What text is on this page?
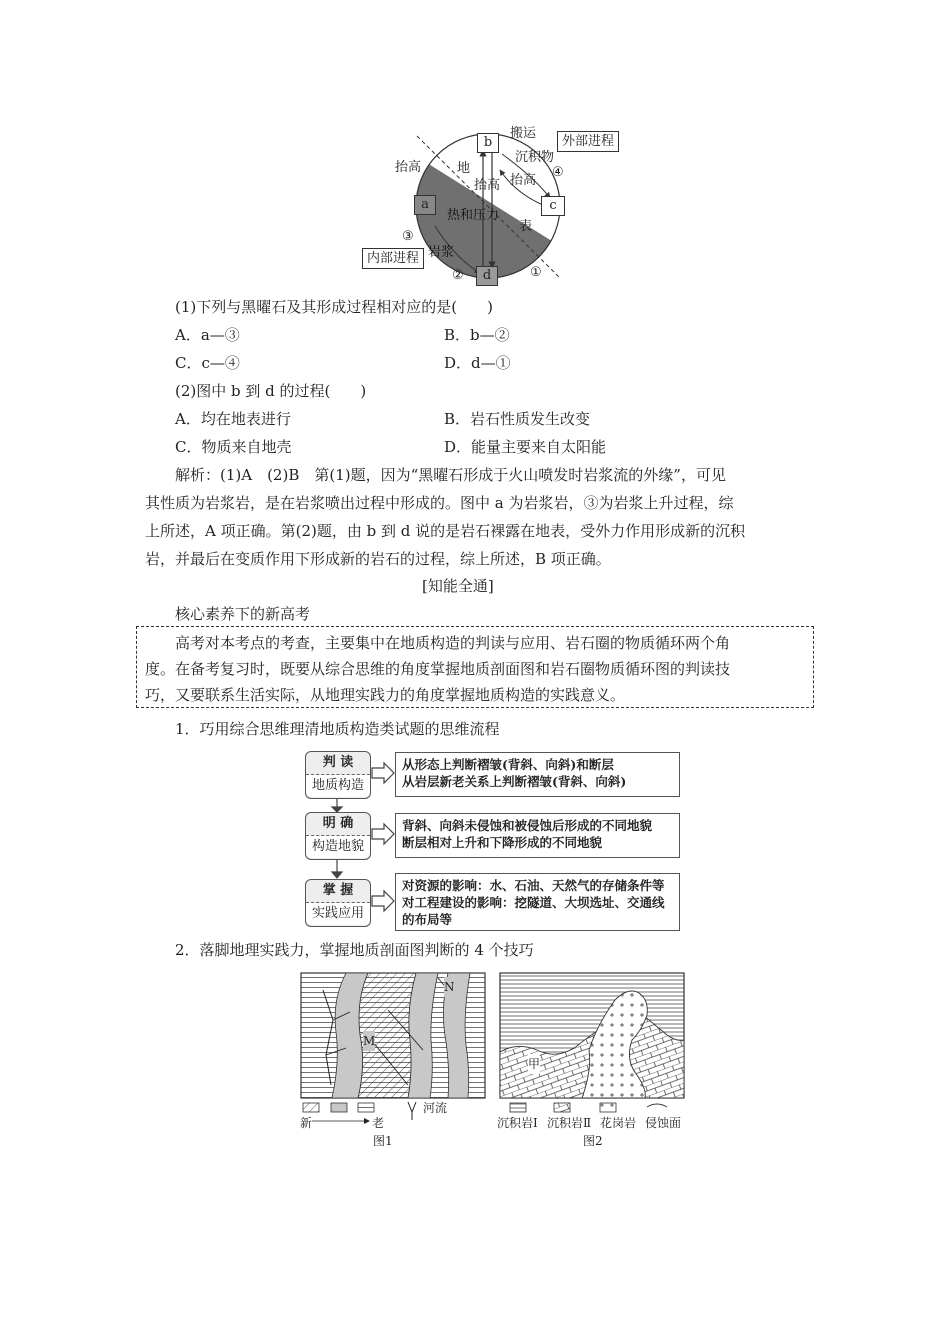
b
a	c
d
搬运
沉积物
外部进程
④
抬高
抬高	地
抬高
热和压力
表
③
岩浆
内部进程
②	①
(1)下列与黑曜石及其形成过程相对应的是(　　)
A．a—③	B．b—②
C．c—④	D．d—①
(2)图中 b 到 d 的过程(　　)
A．均在地表进行	B．岩石性质发生改变
C．物质来自地壳	D．能量主要来自太阳能
解析：(1)A　(2)B　第(1)题，因为“黑曜石形成于火山喷发时岩浆流的外缘”，可见
其性质为岩浆岩，是在岩浆喷出过程中形成的。图中 a 为岩浆岩，③为岩浆上升过程，综
上所述，A 项正确。第(2)题，由 b 到 d 说的是岩石裸露在地表，受外力作用形成新的沉积
岩，并最后在变质作用下形成新的岩石的过程，综上所述，B 项正确。
[知能全通]
核心素养下的新高考
高考对本考点的考查，主要集中在地质构造的判读与应用、岩石圈的物质循环两个角
度。在备考复习时，既要从综合思维的角度掌握地质剖面图和岩石圈物质循环图的判读技
巧，又要联系生活实际，从地理实践力的角度掌握地质构造的实践意义。
1．巧用综合思维理清地质构造类试题的思维流程
判 读
地质构造
从形态上判断褶皱(背斜、向斜)和断层
从岩层新老关系上判断褶皱(背斜、向斜)
明 确
构造地貌
背斜、向斜未侵蚀和被侵蚀后形成的不同地貌
断层相对上升和下降形成的不同地貌
掌 握
实践应用
对资源的影响：水、石油、天然气的存储条件等
对工程建设的影响：挖隧道、大坝选址、交通线
的布局等
2．落脚地理实践力，掌握地质剖面图判断的 4 个技巧
M
N
新	老
河流
图1
甲
沉积岩Ⅰ 沉积岩Ⅱ 花岗岩 侵蚀面
图2
